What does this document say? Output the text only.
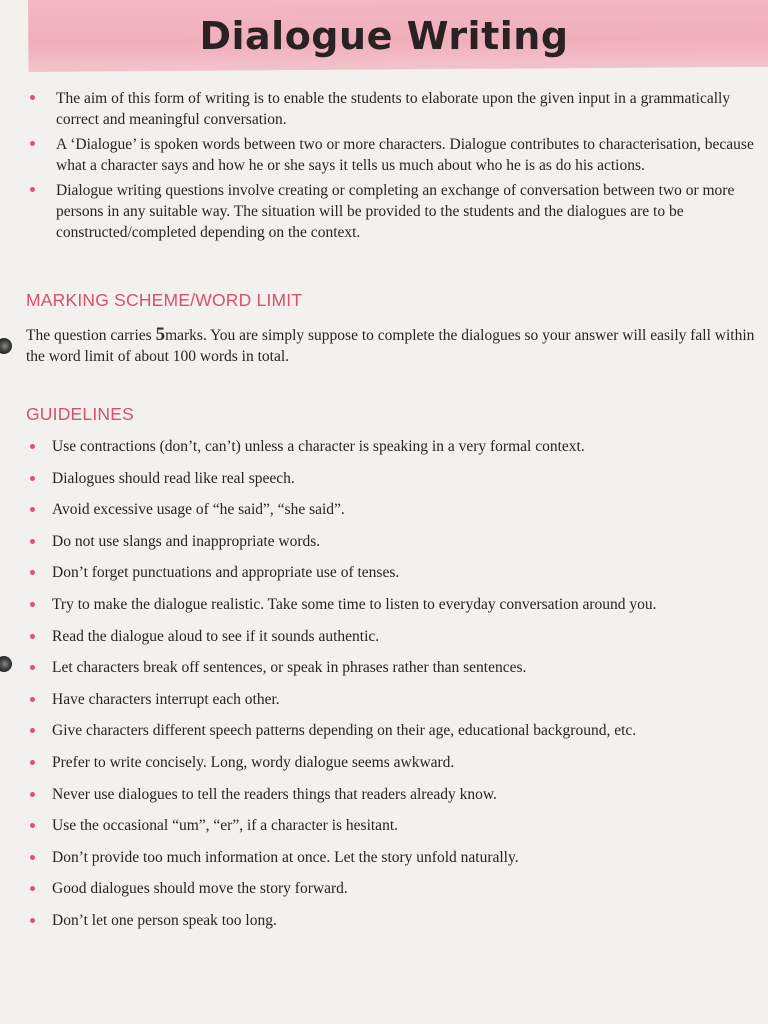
Dialogue Writing
The aim of this form of writing is to enable the students to elaborate upon the given input in a grammatically correct and meaningful conversation.
A ‘Dialogue’ is spoken words between two or more characters. Dialogue contributes to characterisation, because what a character says and how he or she says it tells us much about who he is as do his actions.
Dialogue writing questions involve creating or completing an exchange of conversation between two or more persons in any suitable way. The situation will be provided to the students and the dialogues are to be constructed/completed depending on the context.
MARKING SCHEME/WORD LIMIT

The question carries 5marks. You are simply suppose to complete the dialogues so your answer will easily fall within the word limit of about 100 words in total.

GUIDELINES
Use contractions (don’t, can’t) unless a character is speaking in a very formal context.
Dialogues should read like real speech.
Avoid excessive usage of “he said”, “she said”.
Do not use slangs and inappropriate words.
Don’t forget punctuations and appropriate use of tenses.
Try to make the dialogue realistic. Take some time to listen to everyday conversation around you.
Read the dialogue aloud to see if it sounds authentic.
Let characters break off sentences, or speak in phrases rather than sentences.
Have characters interrupt each other.
Give characters different speech patterns depending on their age, educational background, etc.
Prefer to write concisely. Long, wordy dialogue seems awkward.
Never use dialogues to tell the readers things that readers already know.
Use the occasional “um”, “er”, if a character is hesitant.
Don’t provide too much information at once. Let the story unfold naturally.
Good dialogues should move the story forward.
Don’t let one person speak too long.
